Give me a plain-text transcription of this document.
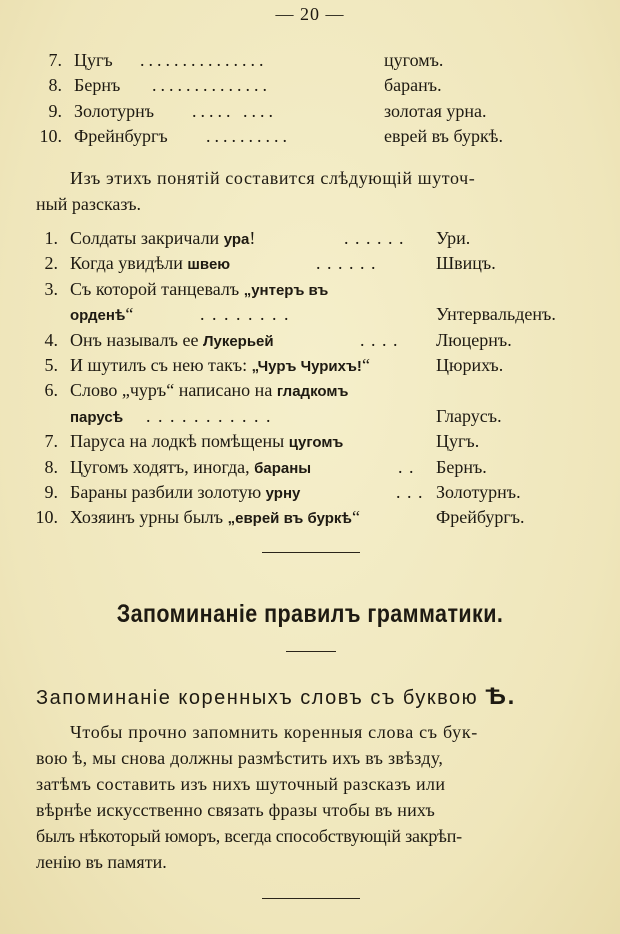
— 20 —
7. Цугъ ...............	цугомъ.
8. Бернъ ..............	баранъ.
9. Золотурнъ ..... ....	золотая урна.
10. Фрейнбургъ ..........	еврей въ буркѣ.
Изъ этихъ понятій составится слѣдующій шуточ-
ный разсказъ.
1. Солдаты закричали ура!	. . . . . . Ури.
2. Когда увидѣли швею	. . . . . .	Швицъ.
3. Съ которой танцевалъ „унтеръ въ
орденѣ“	. . . . . . . .	Унтервальденъ.
4. Онъ называлъ ее Лукерьей	. . . . Люцернъ.
5. И шутилъ съ нею такъ: „Чуръ Чурихъ!“	Цюрихъ.
6. Слово „чуръ“ написано на гладкомъ
парусѣ . . . . . . . . . . .	Гларусъ.
7. Паруса на лодкѣ помѣщены цугомъ	Цугъ.
8. Цугомъ ходятъ, иногда, бараны	. . Бернъ.
9. Бараны разбили золотую урну	. . . Золотурнъ.
10. Хозяинъ урны былъ „еврей въ буркѣ“	Фрейбургъ.
Запоминаніе правилъ грамматики.
Запоминаніе коренныхъ словъ съ буквою Ѣ.
Чтобы прочно запомнить коренныя слова съ бук-
вою ѣ, мы снова должны размѣстить ихъ въ звѣзду,
затѣмъ составить изъ нихъ шуточный разсказъ или
вѣрнѣе искусственно связать фразы чтобы въ нихъ
былъ нѣкоторый юморъ, всегда способствующій закрѣп-
ленію въ памяти.
